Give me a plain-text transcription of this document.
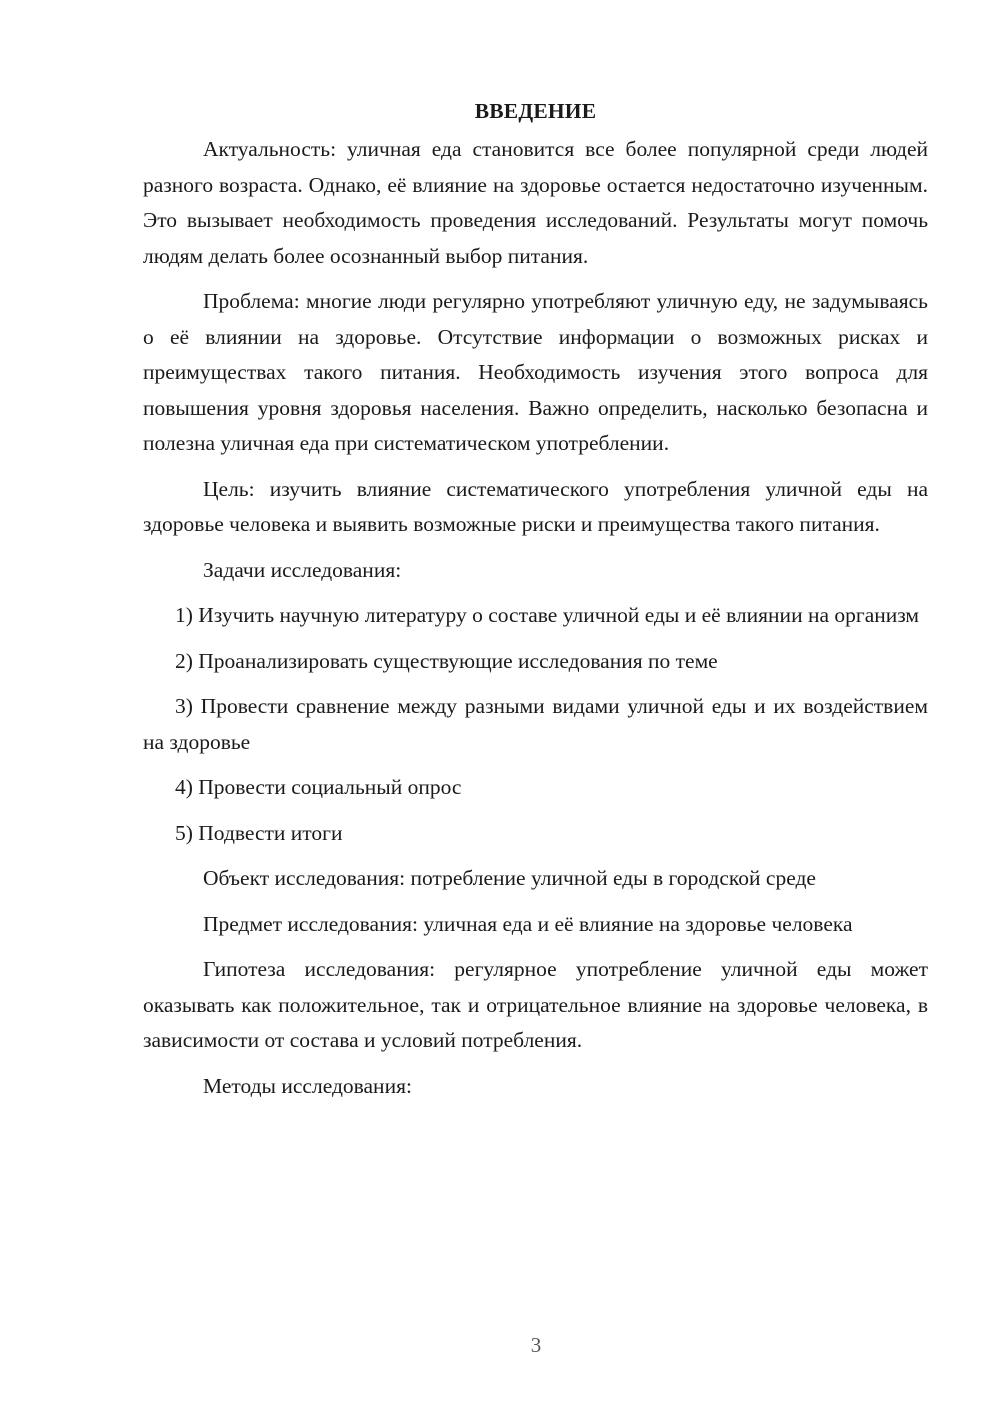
ВВЕДЕНИЕ

Актуальность: уличная еда становится все более популярной среди людей разного возраста. Однако, её влияние на здоровье остается недостаточно изученным. Это вызывает необходимость проведения исследований. Результаты могут помочь людям делать более осознанный выбор питания.

Проблема: многие люди регулярно употребляют уличную еду, не задумываясь о её влиянии на здоровье. Отсутствие информации о возможных рисках и преимуществах такого питания. Необходимость изучения этого вопроса для повышения уровня здоровья населения. Важно определить, насколько безопасна и полезна уличная еда при систематическом употреблении.

Цель: изучить влияние систематического употребления уличной еды на здоровье человека и выявить возможные риски и преимущества такого питания.

Задачи исследования:

1) Изучить научную литературу о составе уличной еды и её влиянии на организм

2) Проанализировать существующие исследования по теме

3) Провести сравнение между разными видами уличной еды и их воздействием на здоровье

4) Провести социальный опрос

5) Подвести итоги

Объект исследования: потребление уличной еды в городской среде

Предмет исследования: уличная еда и её влияние на здоровье человека

Гипотеза исследования: регулярное употребление уличной еды может оказывать как положительное, так и отрицательное влияние на здоровье человека, в зависимости от состава и условий потребления.

Методы исследования:

3
